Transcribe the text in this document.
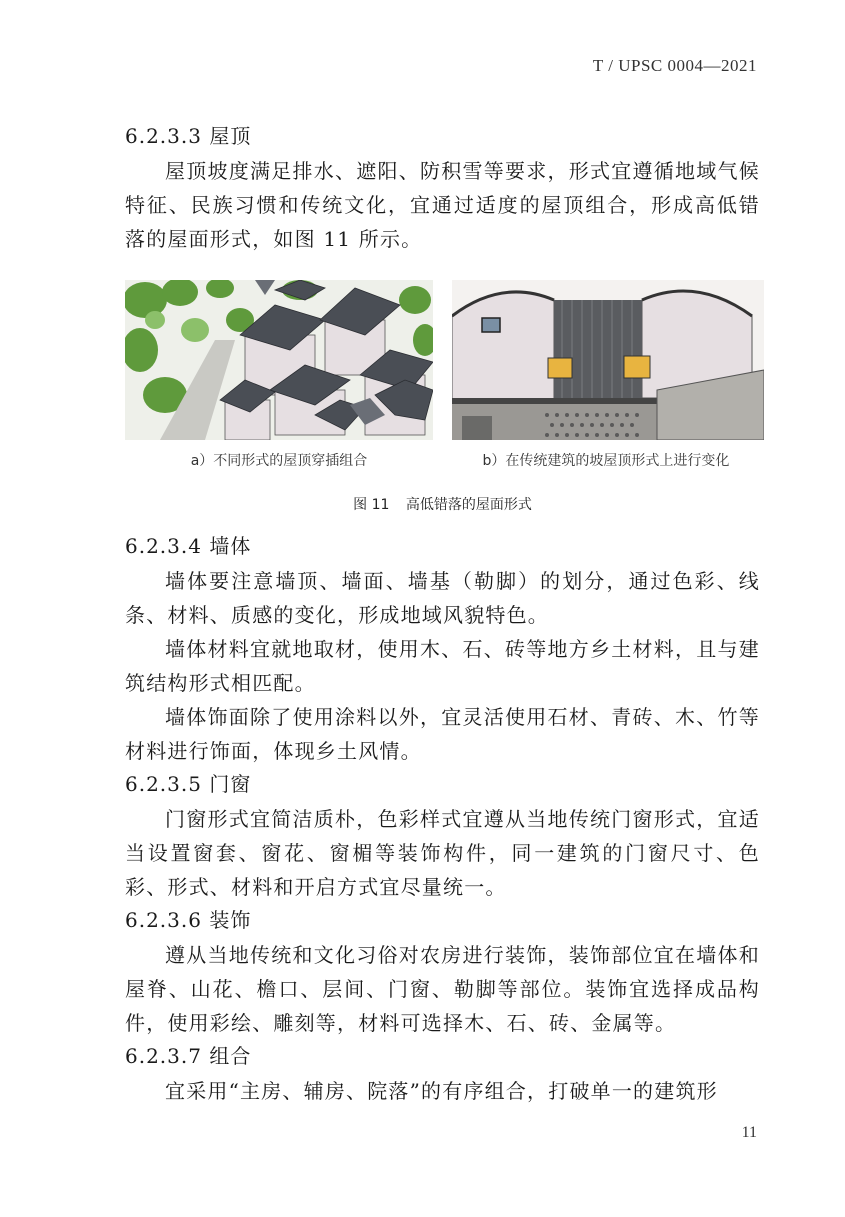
T / UPSC 0004—2021
6.2.3.3 屋顶

屋顶坡度满足排水、遮阳、防积雪等要求，形式宜遵循地域气候特征、民族习惯和传统文化，宜通过适度的屋顶组合，形成高低错落的屋面形式，如图 11 所示。

a）不同形式的屋顶穿插组合	b）在传统建筑的坡屋顶形式上进行变化
图 11 高低错落的屋面形式
6.2.3.4 墙体

墙体要注意墙顶、墙面、墙基（勒脚）的划分，通过色彩、线条、材料、质感的变化，形成地域风貌特色。

墙体材料宜就地取材，使用木、石、砖等地方乡土材料，且与建筑结构形式相匹配。

墙体饰面除了使用涂料以外，宜灵活使用石材、青砖、木、竹等材料进行饰面，体现乡土风情。

6.2.3.5 门窗

门窗形式宜简洁质朴，色彩样式宜遵从当地传统门窗形式，宜适当设置窗套、窗花、窗楣等装饰构件，同一建筑的门窗尺寸、色彩、形式、材料和开启方式宜尽量统一。

6.2.3.6 装饰

遵从当地传统和文化习俗对农房进行装饰，装饰部位宜在墙体和屋脊、山花、檐口、层间、门窗、勒脚等部位。装饰宜选择成品构件，使用彩绘、雕刻等，材料可选择木、石、砖、金属等。

6.2.3.7 组合

宜采用“主房、辅房、院落”的有序组合，打破单一的建筑形

11
